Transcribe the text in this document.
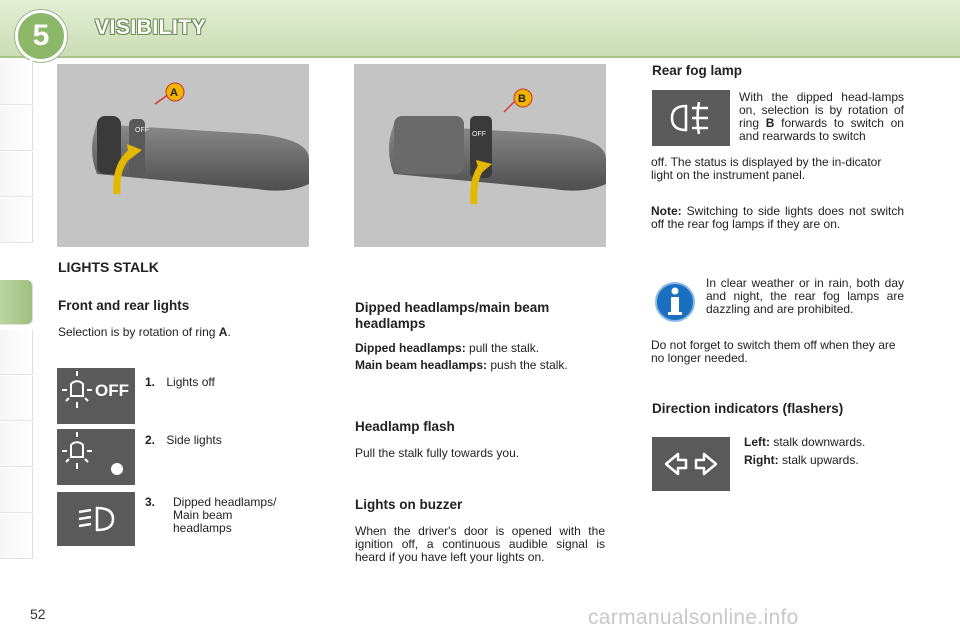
5	VISIBILITY
OFF
A
OFF
B
LIGHTS STALK
Front and rear lights
Selection is by rotation of ring A.
OFF 1. Lights off
2. Side lights
3.	Dipped headlamps/
Main beam
headlamps
Dipped headlamps/main beam headlamps
Dipped headlamps: pull the stalk.
Main beam headlamps: push the stalk.
Headlamp flash
Pull the stalk fully towards you.
Lights on buzzer
When the driver's door is opened with the ignition off, a continuous audible signal is heard if you have left your lights on.
Rear fog lamp
With the dipped head-lamps on, selection is by rotation of ring B forwards to switch on and rearwards to switch
off. The status is displayed by the in-dicator light on the instrument panel.
Note: Switching to side lights does not switch off the rear fog lamps if they are on.
In clear weather or in rain, both day and night, the rear fog lamps are dazzling and are prohibited.
Do not forget to switch them off when they are no longer needed.
Direction indicators (flashers)
Left: stalk downwards.
Right: stalk upwards.
52	carmanualsonline.info
